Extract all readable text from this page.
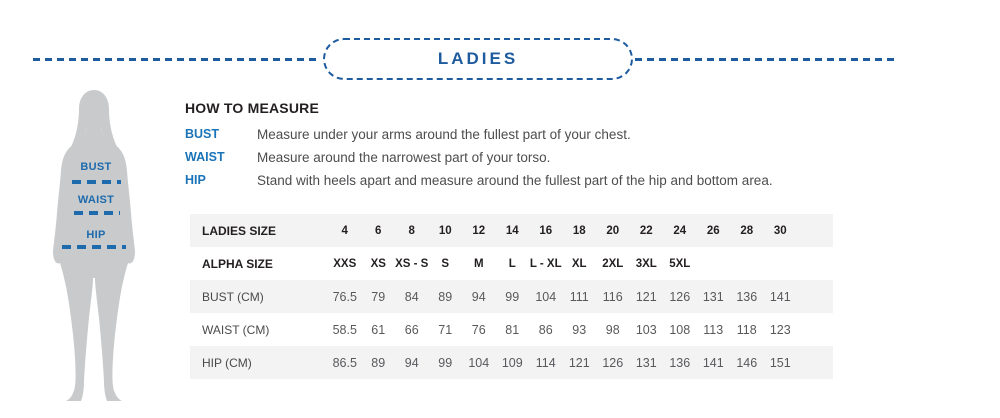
LADIES
BUST
WAIST
HIP
HOW TO MEASURE
BUST	Measure under your arms around the fullest part of your chest.
WAIST	Measure around the narrowest part of your torso.
HIP	Stand with heels apart and measure around the fullest part of the hip and bottom area.
LADIES SIZE	4	6	8	10	12	14	16	18	20	22	24	26	28	30	
ALPHA SIZE	XXS	XS	XS - S	S	M	L	L - XL	XL	2XL	3XL	5XL				
BUST (CM)	76.5	79	84	89	94	99	104	111	116	121	126	131	136	141	
WAIST (CM)	58.5	61	66	71	76	81	86	93	98	103	108	113	118	123	
HIP (CM)	86.5	89	94	99	104	109	114	121	126	131	136	141	146	151	
